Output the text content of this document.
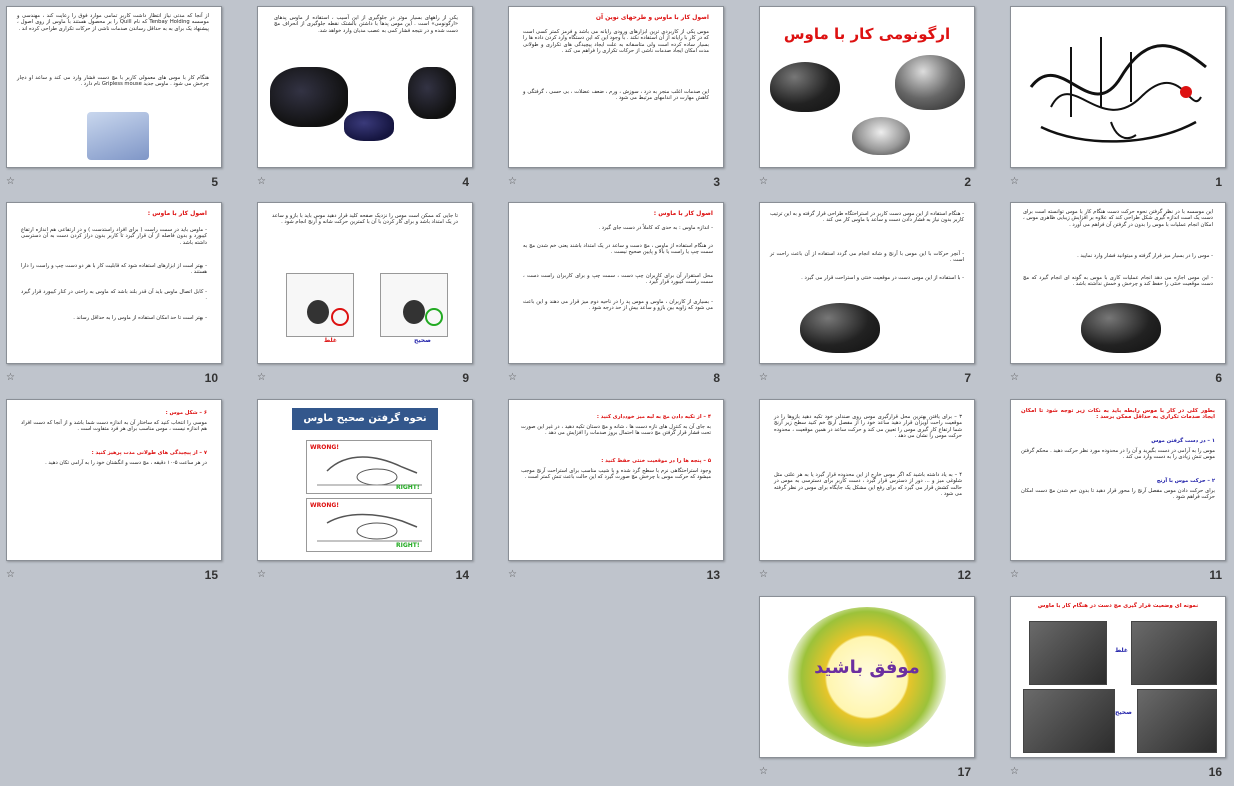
☆	1
ارگونومی کار با ماوس
☆	2
اصول کار با ماوس و طرحهای نوین آن
موس یکی از کاربردی ترین ابزارهای ورودی رایانه می باشد و فرمز کمتر کسی است که در کار با رایانه از آن استفاده نکند . با وجود این که این دستگاه وارد کردن داده ها را بسیار ساده کرده است ولی متاسفانه به علت ایجاد پیچیدگی های تکراری و طولانی مدت امکان ایجاد صدمات ناشی از حرکات تکراری را فراهم می کند .
این صدمات اغلب منجر به درد ، سوزش ، ورم ، ضعف عضلات ، بی حسی ، گرفتگی و کاهش مهارت در اندامهای مرتبط می شود .
☆	3
یکی از راههای بسیار موثر در جلوگیری از این آسیب ، استفاده از ماوس پدهای «ارگونومی» است . این موس پدها با داشتن بالشتک نقطه جلوگیری از انحراف مچ دست شده و در نتیجه فشار کمی به عصب مدیان وارد خواهد شد.
☆	4
از آنجا که مدتی نیاز انتظار داشت کاربر تمامی موارد فوق را رعایت کند ، مهندسی و موسسه Tenbay Holding که نام Quill را بر محصول هستند با ماوس از روی اصول ، پیشنهاد یک برای به به حداقل رساندن صدمات ناشی از حرکات تکراری طراحی کرده اند .
هنگام کار با موس های معمولی کاربر با مچ دست فشار وارد می کند و ساعد او دچار چرخش می شود . ماوس جدید Gripless mouse نام دارد .
☆	5
این موسسه با در نظر گرفتن نحوه حرکت دست هنگام کار با موس توانسته است برای دست یک است اندازه گیری شکل طراحی کند که علاوه بر افزایش زیبایی ظاهری موس ، امکان انجام عملیات با موس را بدون در گرفتن آن فراهم می آورد .
- موس را در بسیار میز قرار گرفته و میتوانید فشار وارد نمایید .
- این موس اجازه می دهد انجام عملیات کاری با موس به گونه ای انجام گیرد که مچ دست موقعیت خنثی را حفظ کند و چرخش و خمش نداشته باشد .
☆	6
- هنگام استفاده از این موس دست کاربر در استراحتگاه طراحی قرار گرفته و به این ترتیب کاربر بدون نیاز به فشار دادن دست و ساعد با ماوس کار می کند .
- آنچر حرکات با این موس با آرنج و شانه انجام می گردد استفاده از آن باعث راحت تر است .
- با استفاده از این موس دست در موقعیت خنثی و استراحت قرار می گیرد .
☆	7
اصول کار با ماوس :
- اندازه ماوس : به حدی که کاملاً در دست جای گیرد .
در هنگام استفاده از ماوس ، مچ دست و ساعد در یک امتداد باشند یعنی خم شدن مچ به سمت چپ یا راست یا بالا و پایین صحیح نیست .
محل استقرار آن برای کاربران چپ دست ، سمت چپ و برای کاربران راست دست ، سمت راست کیبورد قرار گیرد .
- بسیاری از کاربران ، ماوس و موس پد را در ناحیه دوم میز قرار می دهند و این باعث می شود که زاویه بین بازو و ساعد بیش از حد درجه شود .
☆	8
تا جایی که ممکن است موس را نزدیک صفحه کلید قرار دهید موس باید با بازو و ساعد در یک امتداد باشد و برای کار کردن با آن با کمترین حرکت شانه و آرنج انجام شود .
غلط	صحیح
☆	9
اصول کار با ماوس :
- ماوس باید در سمت راست ( برای افراد راستدست ) و در ارتفاعی هم اندازه ارتفاع کیبورد و بدون فاصله از آن قرار گیرد تا کاربر بدون دراز کردن دست به آن دسترسی داشته باشد .
- بهتر است از ابزارهای استفاده شود که قابلیت کار با هر دو دست چپ و راست را دارا هستند .
- کابل اتصال ماوس باید آن قدر بلند باشد که ماوس به راحتی در کنار کیبورد قرار گیرد .
- بهتر است تا حد امکان استفاده از ماوس را به حداقل رساند .
☆	10
بطور کلی در کار با موس رابطه باید به نکات زیر توجه شود تا امکان ایجاد صدمات تکراری به حداقل ممکن برسد :
۱ – در دست گرفتن موس
موس را به آرامی در دست بگیرید و آن را در محدوده مورد نظر حرکت دهید . محکم گرفتن موس تنش زیادی را به دست وارد می کند .
۲ – حرکت موس با آرنج
برای حرکت دادن موس مفصل آرنج را محور قرار دهید تا بدون خم شدن مچ دست امکان حرکت فراهم شود .
☆	11
۳ – برای یافتن بهترین محل قرارگیری موس روی صندلی خود تکیه دهید بازوها را در موقعیت راحت آویزان قرار دهید ساعد خود را از مفصل آرنج خم کنید سطح زیر آرنج شما ارتفاع کار گیری موس را تعیین می کند و حرکت ساعد در همین موقعیت ، محدوده حرکت موس را نشان می دهد .
۴ – به یاد داشته باشید که اگر موس خارج از این محدوده قرار گیرد یا به هر علتی مثل شلوغی میز و ... دور از دسترس قرار گیرد ، دست کاربر برای دسترسی به موس در حالت کشش قرار می گیرد که برای رفع این مشکل یک جایگاه برای موس در نظر گرفته می شود .
☆	12
۴ – از تکیه دادن مچ به لبه میز خودداری کنید :
به جای آن به کنترل های نازه دست ها ، شانه و مچ دستان تکیه دهید ، در غیر این صورت تحت فشار قرار گرفتن مچ دست ها احتمال بروز صدمات را افزایش می دهد .
۵ – پنجه ها را در موقعیت خنثی حفظ کنید :
وجود استراحتگاهی نرم با سطح گرد شده و با شیب مناسب برای استراحت آرنج موجب میشود که حرکت موس با چرخش مچ صورت گیرد که این حالت باعث تنش کمتر است .
☆	13
نحوه گرفتن صحیح ماوس
WRONG!
RIGHT!
WRONG!
RIGHT!
☆	14
۶ – شکل موس :
موسی را انتخاب کنید که ساختار آن به اندازه دست شما باشد و از آنجا که دست افراد هم اندازه نیست ، موس مناسب برای هر فرد متفاوت است .
۷ – از پیچیدگی های طولانی مدت پرهیز کنید :
در هر ساعت ۵-۱۰ دقیقه ، مچ دست و انگشتان خود را به آرامی تکان دهید .
☆	15
نمونه ای وضعیت قرار گیری مچ دست در هنگام کار با ماوس
غلط
صحیح
☆	16
موفق باشید
☆	17
